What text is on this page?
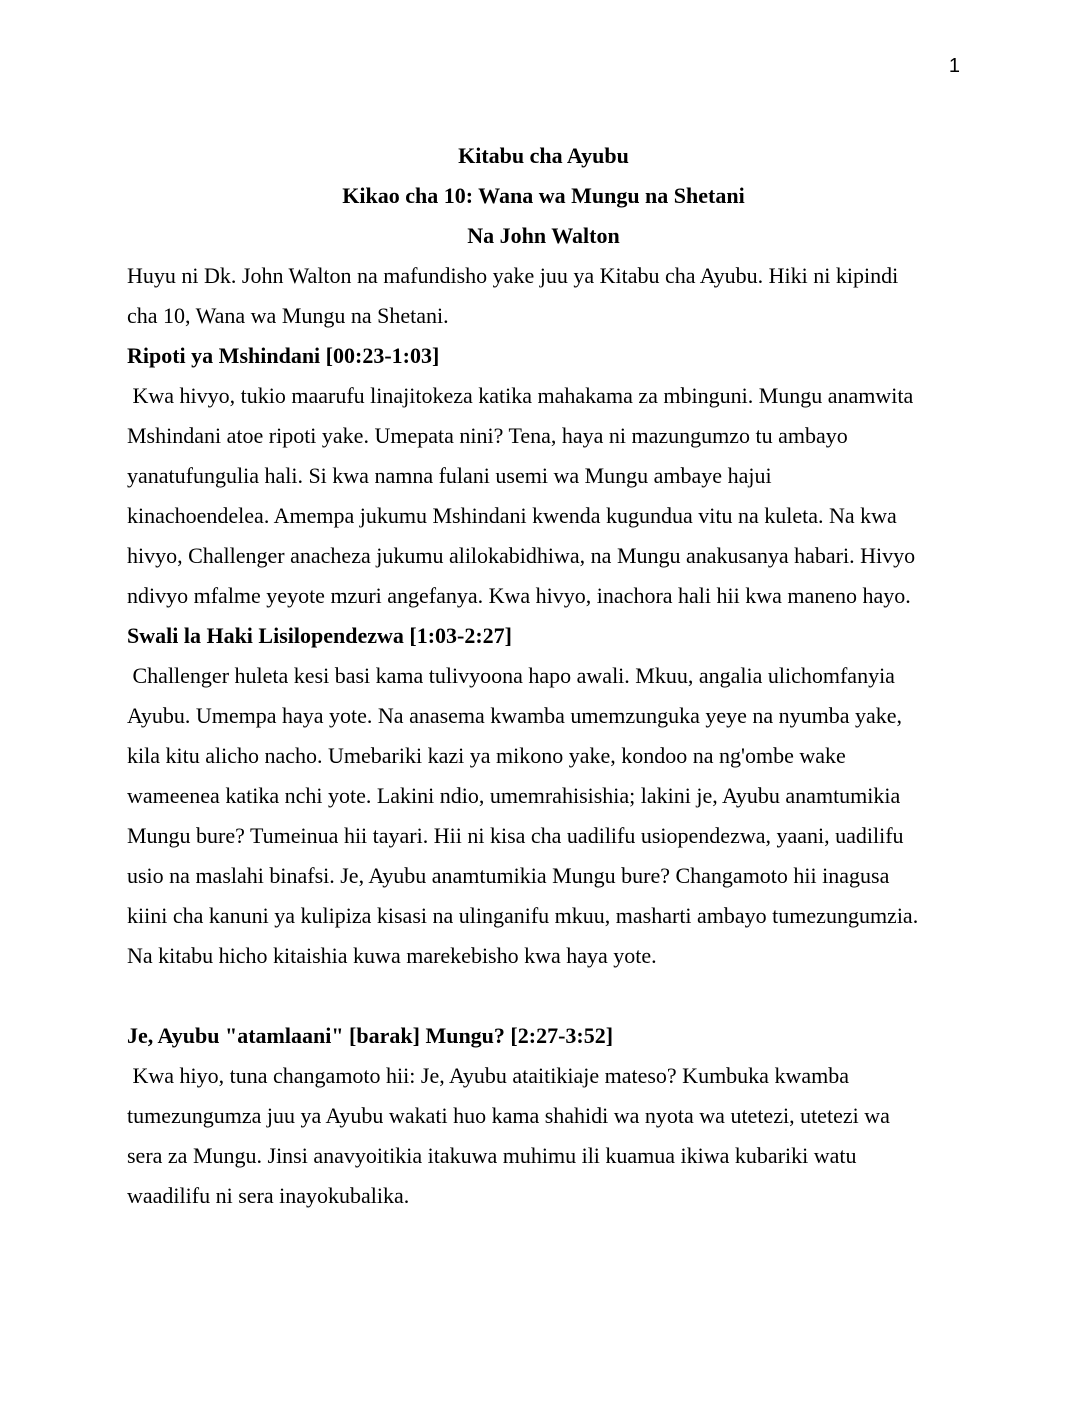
1
Kitabu cha Ayubu
Kikao cha 10: Wana wa Mungu na Shetani
Na John Walton
Huyu ni Dk. John Walton na mafundisho yake juu ya Kitabu cha Ayubu. Hiki ni kipindi
cha 10, Wana wa Mungu na Shetani.
Ripoti ya Mshindani [00:23-1:03]
Kwa hivyo, tukio maarufu linajitokeza katika mahakama za mbinguni. Mungu anamwita
Mshindani atoe ripoti yake. Umepata nini? Tena, haya ni mazungumzo tu ambayo
yanatufungulia hali. Si kwa namna fulani usemi wa Mungu ambaye hajui
kinachoendelea. Amempa jukumu Mshindani kwenda kugundua vitu na kuleta. Na kwa
hivyo, Challenger anacheza jukumu alilokabidhiwa, na Mungu anakusanya habari. Hivyo
ndivyo mfalme yeyote mzuri angefanya. Kwa hivyo, inachora hali hii kwa maneno hayo.
Swali la Haki Lisilopendezwa [1:03-2:27]
Challenger huleta kesi basi kama tulivyoona hapo awali. Mkuu, angalia ulichomfanyia
Ayubu. Umempa haya yote. Na anasema kwamba umemzunguka yeye na nyumba yake,
kila kitu alicho nacho. Umebariki kazi ya mikono yake, kondoo na ng'ombe wake
wameenea katika nchi yote. Lakini ndio, umemrahisishia; lakini je, Ayubu anamtumikia
Mungu bure? Tumeinua hii tayari. Hii ni kisa cha uadilifu usiopendezwa, yaani, uadilifu
usio na maslahi binafsi. Je, Ayubu anamtumikia Mungu bure? Changamoto hii inagusa
kiini cha kanuni ya kulipiza kisasi na ulinganifu mkuu, masharti ambayo tumezungumzia.
Na kitabu hicho kitaishia kuwa marekebisho kwa haya yote.
Je, Ayubu "atamlaani" [barak] Mungu? [2:27-3:52]
Kwa hiyo, tuna changamoto hii: Je, Ayubu ataitikiaje mateso? Kumbuka kwamba
tumezungumza juu ya Ayubu wakati huo kama shahidi wa nyota wa utetezi, utetezi wa
sera za Mungu. Jinsi anavyoitikia itakuwa muhimu ili kuamua ikiwa kubariki watu
waadilifu ni sera inayokubalika.
